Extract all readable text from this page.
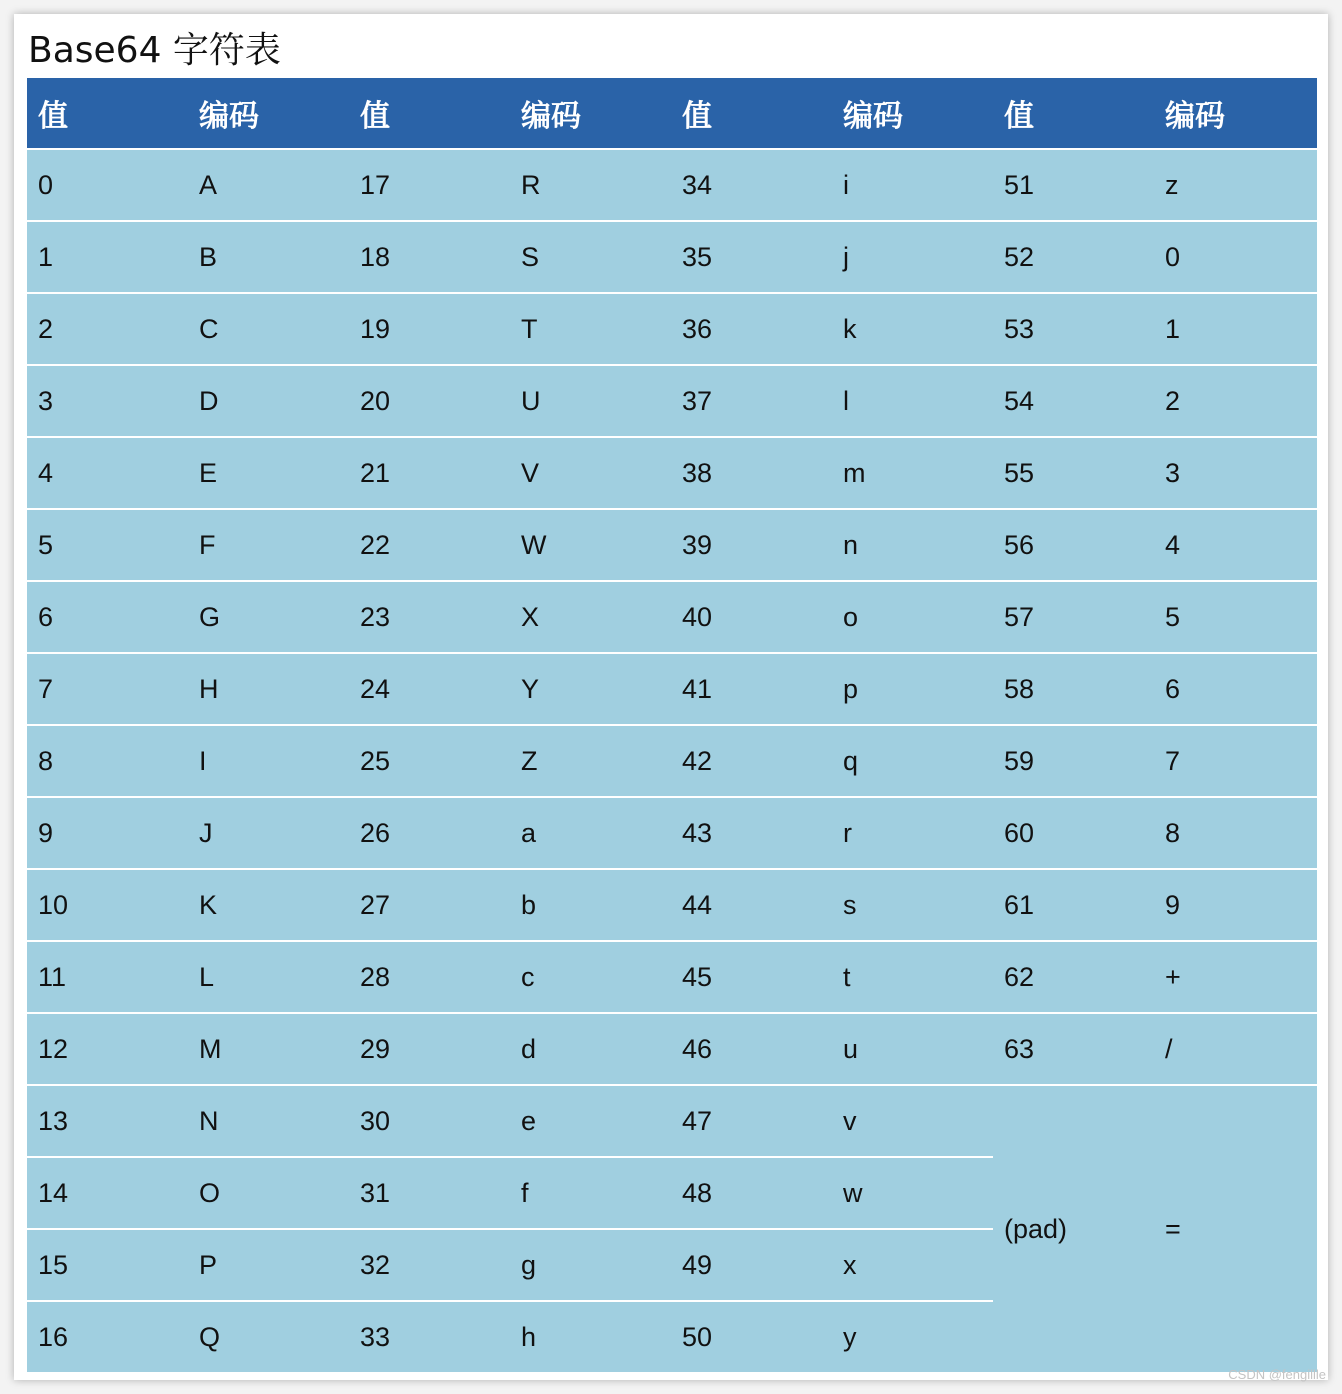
Base64 字符表
值	编码	值	编码	值	编码	值	编码
0	A	17	R	34	i	51	z
1	B	18	S	35	j	52	0
2	C	19	T	36	k	53	1
3	D	20	U	37	l	54	2
4	E	21	V	38	m	55	3
5	F	22	W	39	n	56	4
6	G	23	X	40	o	57	5
7	H	24	Y	41	p	58	6
8	I	25	Z	42	q	59	7
9	J	26	a	43	r	60	8
10	K	27	b	44	s	61	9
11	L	28	c	45	t	62	+
12	M	29	d	46	u	63	/
13	N	30	e	47	v	(pad)	=
14	O	31	f	48	w		
15	P	32	g	49	x		
16	Q	33	h	50	y		
CSDN @fengillle
